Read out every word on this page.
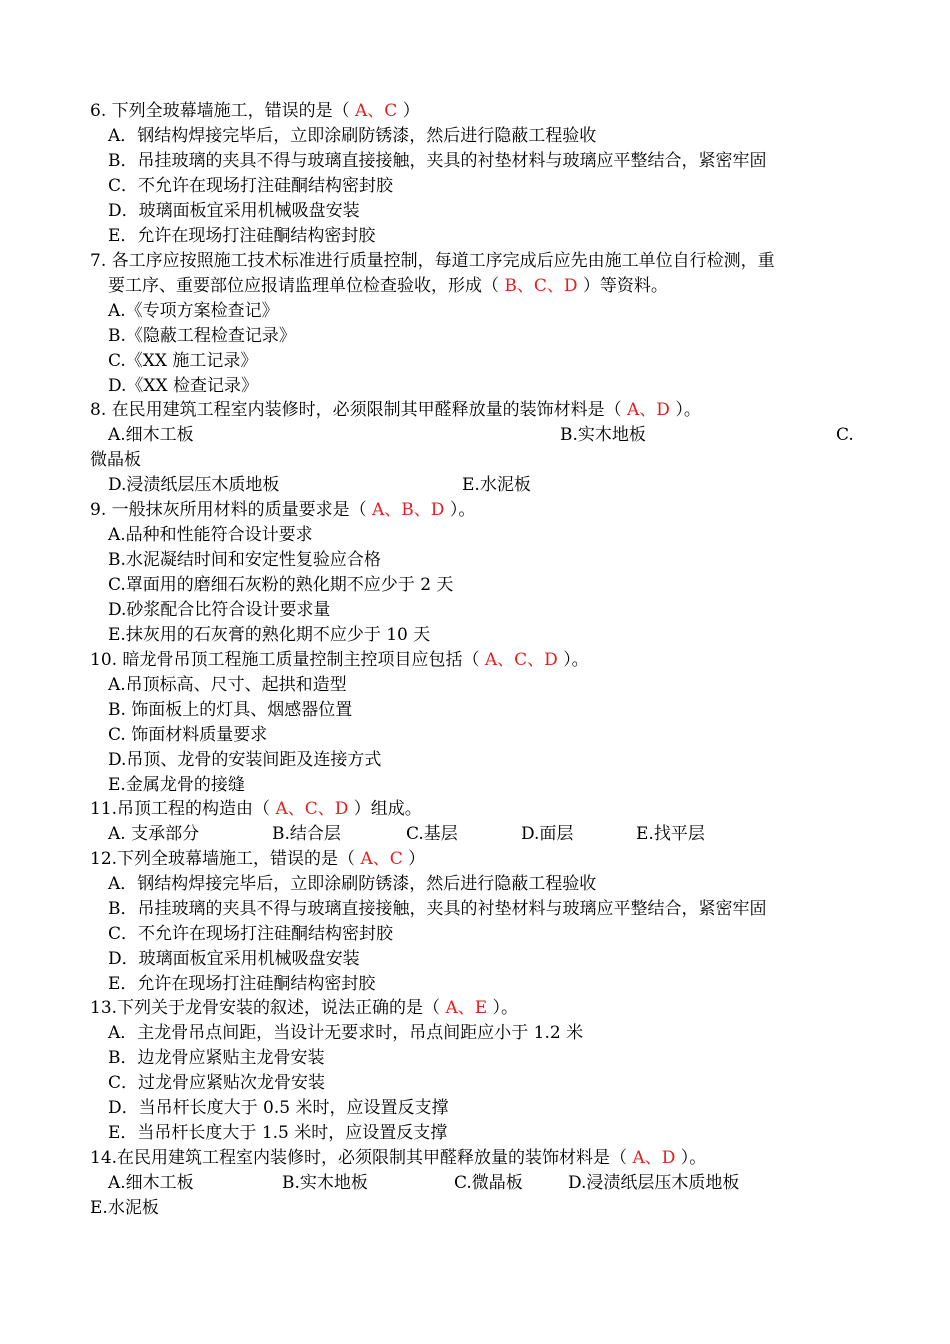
6. 下列全玻幕墙施工，错误的是（ A、C ）
A．钢结构焊接完毕后，立即涂刷防锈漆，然后进行隐蔽工程验收
B．吊挂玻璃的夹具不得与玻璃直接接触，夹具的衬垫材料与玻璃应平整结合，紧密牢固
C．不允许在现场打注硅酮结构密封胶
D．玻璃面板宜采用机械吸盘安装
E．允许在现场打注硅酮结构密封胶
7. 各工序应按照施工技术标准进行质量控制，每道工序完成后应先由施工单位自行检测，重
要工序、重要部位应报请监理单位检查验收，形成（ B、C、D ）等资料。
A.《专项方案检查记》
B.《隐蔽工程检查记录》
C.《XX 施工记录》
D.《XX 检查记录》
8. 在民用建筑工程室内装修时，必须限制其甲醛释放量的装饰材料是（ A、D ）。
A.细木工板	B.实木地板	C.
微晶板
D.浸渍纸层压木质地板	E.水泥板
9. 一般抹灰所用材料的质量要求是（ A、B、D ）。
A.品种和性能符合设计要求
B.水泥凝结时间和安定性复验应合格
C.罩面用的磨细石灰粉的熟化期不应少于 2 天
D.砂浆配合比符合设计要求量
E.抹灰用的石灰膏的熟化期不应少于 10 天
10. 暗龙骨吊顶工程施工质量控制主控项目应包括（ A、C、D ）。
A.吊顶标高、尺寸、起拱和造型
B. 饰面板上的灯具、烟感器位置
C. 饰面材料质量要求
D.吊顶、龙骨的安装间距及连接方式
E.金属龙骨的接缝
11.吊顶工程的构造由（ A、C、D ）组成。
A. 支承部分	B.结合层	C.基层	D.面层	E.找平层
12.下列全玻幕墙施工，错误的是（ A、C ）
A．钢结构焊接完毕后，立即涂刷防锈漆，然后进行隐蔽工程验收
B．吊挂玻璃的夹具不得与玻璃直接接触，夹具的衬垫材料与玻璃应平整结合，紧密牢固
C．不允许在现场打注硅酮结构密封胶
D．玻璃面板宜采用机械吸盘安装
E．允许在现场打注硅酮结构密封胶
13.下列关于龙骨安装的叙述，说法正确的是（ A、E ）。
A．主龙骨吊点间距，当设计无要求时，吊点间距应小于 1.2 米
B．边龙骨应紧贴主龙骨安装
C．过龙骨应紧贴次龙骨安装
D．当吊杆长度大于 0.5 米时，应设置反支撑
E．当吊杆长度大于 1.5 米时，应设置反支撑
14.在民用建筑工程室内装修时，必须限制其甲醛释放量的装饰材料是（ A、D ）。
A.细木工板	B.实木地板	C.微晶板	D.浸渍纸层压木质地板
E.水泥板
